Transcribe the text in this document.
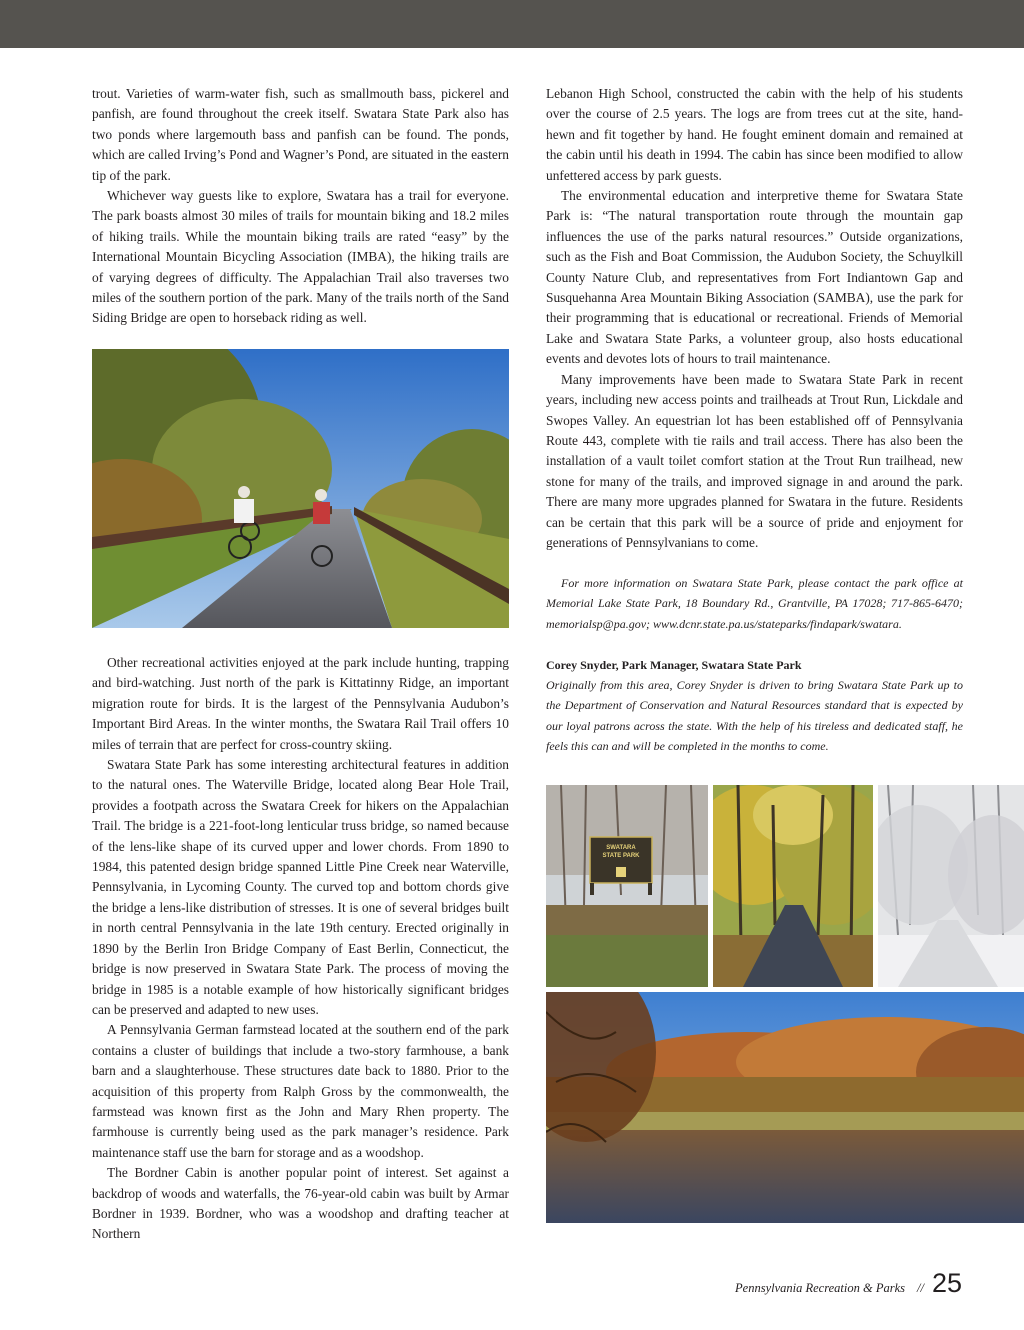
trout. Varieties of warm-water fish, such as smallmouth bass, pickerel and panfish, are found throughout the creek itself. Swatara State Park also has two ponds where largemouth bass and panfish can be found. The ponds, which are called Irving’s Pond and Wagner’s Pond, are situated in the eastern tip of the park.

Whichever way guests like to explore, Swatara has a trail for everyone. The park boasts almost 30 miles of trails for mountain biking and 18.2 miles of hiking trails. While the mountain biking trails are rated “easy” by the International Mountain Bicycling Association (IMBA), the hiking trails are of varying degrees of difficulty. The Appalachian Trail also traverses two miles of the southern portion of the park. Many of the trails north of the Sand Siding Bridge are open to horseback riding as well.

Other recreational activities enjoyed at the park include hunting, trapping and bird-watching. Just north of the park is Kittatinny Ridge, an important migration route for birds. It is the largest of the Pennsylvania Audubon’s Important Bird Areas. In the winter months, the Swatara Rail Trail offers 10 miles of terrain that are perfect for cross-country skiing.

Swatara State Park has some interesting architectural features in addition to the natural ones. The Waterville Bridge, located along Bear Hole Trail, provides a footpath across the Swatara Creek for hikers on the Appalachian Trail. The bridge is a 221-foot-long lenticular truss bridge, so named because of the lens-like shape of its curved upper and lower chords. From 1890 to 1984, this patented design bridge spanned Little Pine Creek near Waterville, Pennsylvania, in Lycoming County. The curved top and bottom chords give the bridge a lens-like distribution of stresses. It is one of several bridges built in north central Pennsylvania in the late 19th century. Erected originally in 1890 by the Berlin Iron Bridge Company of East Berlin, Connecticut, the bridge is now preserved in Swatara State Park. The process of moving the bridge in 1985 is a notable example of how historically significant bridges can be preserved and adapted to new uses.

A Pennsylvania German farmstead located at the southern end of the park contains a cluster of buildings that include a two-story farmhouse, a bank barn and a slaughterhouse. These structures date back to 1880. Prior to the acquisition of this property from Ralph Gross by the commonwealth, the farmstead was known first as the John and Mary Rhen property. The farmhouse is currently being used as the park manager’s residence. Park maintenance staff use the barn for storage and as a woodshop.

The Bordner Cabin is another popular point of interest. Set against a backdrop of woods and waterfalls, the 76-year-old cabin was built by Armar Bordner in 1939. Bordner, who was a woodshop and drafting teacher at Northern

Lebanon High School, constructed the cabin with the help of his students over the course of 2.5 years. The logs are from trees cut at the site, hand-hewn and fit together by hand. He fought eminent domain and remained at the cabin until his death in 1994. The cabin has since been modified to allow unfettered access by park guests.

The environmental education and interpretive theme for Swatara State Park is: “The natural transportation route through the mountain gap influences the use of the parks natural resources.” Outside organizations, such as the Fish and Boat Commission, the Audubon Society, the Schuylkill County Nature Club, and representatives from Fort Indiantown Gap and Susquehanna Area Mountain Biking Association (SAMBA), use the park for their programming that is educational or recreational. Friends of Memorial Lake and Swatara State Parks, a volunteer group, also hosts educational events and devotes lots of hours to trail maintenance.

Many improvements have been made to Swatara State Park in recent years, including new access points and trailheads at Trout Run, Lickdale and Swopes Valley. An equestrian lot has been established off of Pennsylvania Route 443, complete with tie rails and trail access. There has also been the installation of a vault toilet comfort station at the Trout Run trailhead, new stone for many of the trails, and improved signage in and around the park. There are many more upgrades planned for Swatara in the future. Residents can be certain that this park will be a source of pride and enjoyment for generations of Pennsylvanians to come.

For more information on Swatara State Park, please contact the park office at Memorial Lake State Park, 18 Boundary Rd., Grantville, PA 17028; 717-865-6470; memorialsp@pa.gov; www.dcnr.state.pa.us/stateparks/findapark/swatara.
Corey Snyder, Park Manager, Swatara State Park
Originally from this area, Corey Snyder is driven to bring Swatara State Park up to the Department of Conservation and Natural Resources standard that is expected by our loyal patrons across the state. With the help of his tireless and dedicated staff, he feels this can and will be completed in the months to come.
SWATARA
STATE PARK
Pennsylvania Recreation & Parks // 25
